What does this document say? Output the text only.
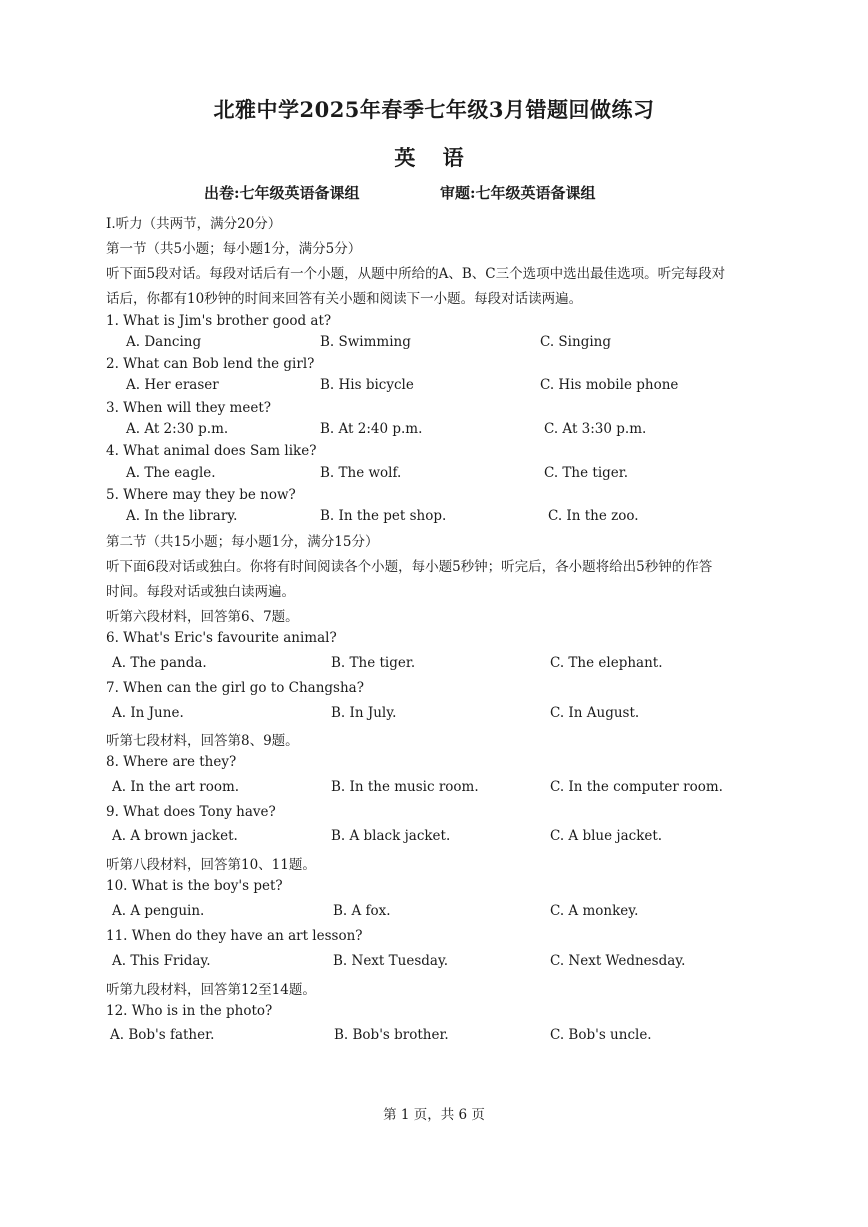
北雅中学2025年春季七年级3月错题回做练习
英 语
出卷:七年级英语备课组	审题:七年级英语备课组
I.听力（共两节，满分20分）
第一节（共5小题；每小题1分，满分5分）
听下面5段对话。每段对话后有一个小题，从题中所给的A、B、C三个选项中选出最佳选项。听完每段对
话后，你都有10秒钟的时间来回答有关小题和阅读下一小题。每段对话读两遍。
1. What is Jim's brother good at?
A. Dancing	B. Swimming	C. Singing
2. What can Bob lend the girl?
A. Her eraser	B. His bicycle	C. His mobile phone
3. When will they meet?
A. At 2:30 p.m.	B. At 2:40 p.m.	C. At 3:30 p.m.
4. What animal does Sam like?
A. The eagle.	B. The wolf.	C. The tiger.
5. Where may they be now?
A. In the library.	B. In the pet shop.	C. In the zoo.
第二节（共15小题；每小题1分，满分15分）
听下面6段对话或独白。你将有时间阅读各个小题，每小题5秒钟；听完后，各小题将给出5秒钟的作答
时间。每段对话或独白读两遍。
听第六段材料，回答第6、7题。
6. What's Eric's favourite animal?
A. The panda.	B. The tiger.	C. The elephant.
7. When can the girl go to Changsha?
A. In June.	B. In July.	C. In August.
听第七段材料，回答第8、9题。
8. Where are they?
A. In the art room.	B. In the music room.	C. In the computer room.
9. What does Tony have?
A. A brown jacket.	B. A black jacket.	C. A blue jacket.
听第八段材料，回答第10、11题。
10. What is the boy's pet?
A. A penguin.	B. A fox.	C. A monkey.
11. When do they have an art lesson?
A. This Friday.	B. Next Tuesday.	C. Next Wednesday.
听第九段材料，回答第12至14题。
12. Who is in the photo?
A. Bob's father.	B. Bob's brother.	C. Bob's uncle.
第 1 页，共 6 页
